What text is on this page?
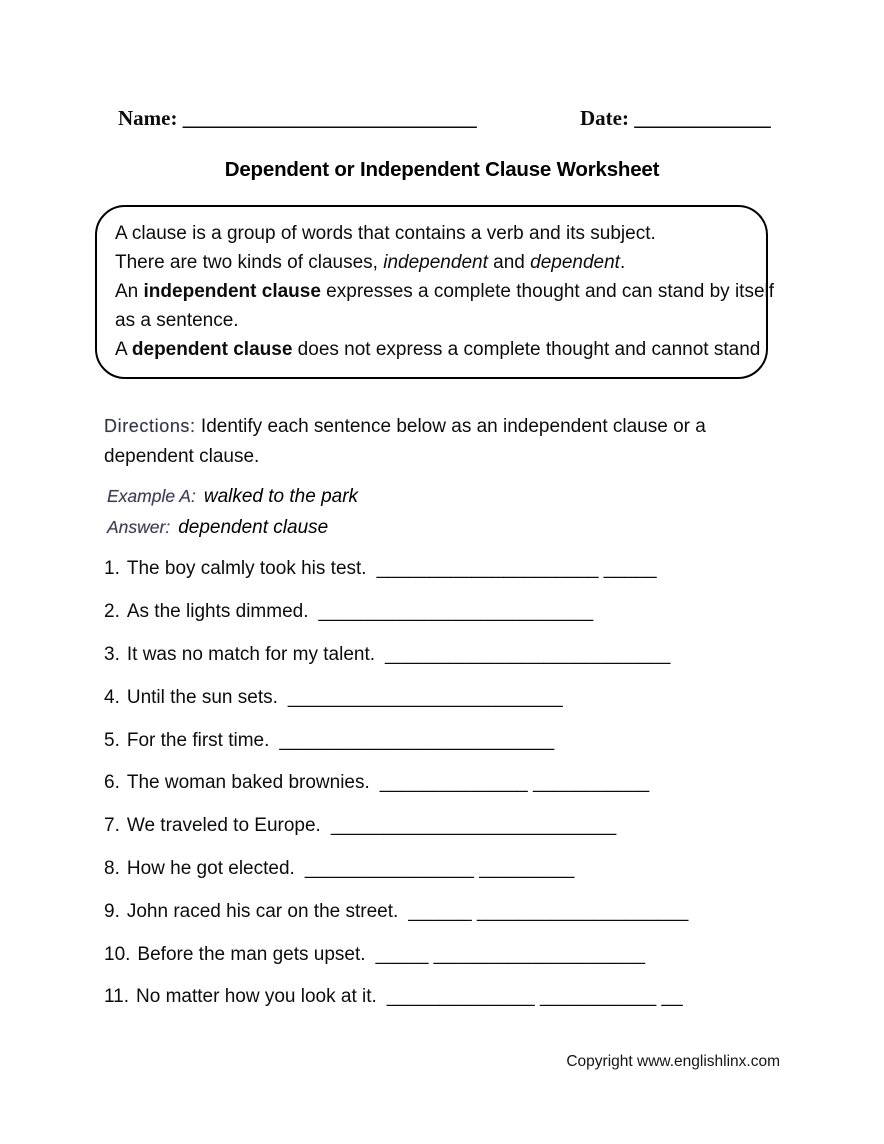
Name: ____________________________	Date: _____________
Dependent or Independent Clause Worksheet

A clause is a group of words that contains a verb and its subject.

There are two kinds of clauses, independent and dependent.

An independent clause expresses a complete thought and can stand by itself

as a sentence.

A dependent clause does not express a complete thought and cannot stand

Directions: Identify each sentence below as an independent clause or a

dependent clause.

Example A: walked to the park

Answer: dependent clause

1. The boy calmly took his test. _____________________ _____
2. As the lights dimmed. __________________________
3. It was no match for my talent. ___________________________
4. Until the sun sets. __________________________
5. For the first time. __________________________
6. The woman baked brownies. ______________ ___________
7. We traveled to Europe. ___________________________
8. How he got elected. ________________ _________
9. John raced his car on the street. ______ ____________________
10. Before the man gets upset. _____ ____________________
11. No matter how you look at it. ______________ ___________ __
Copyright www.englishlinx.com
